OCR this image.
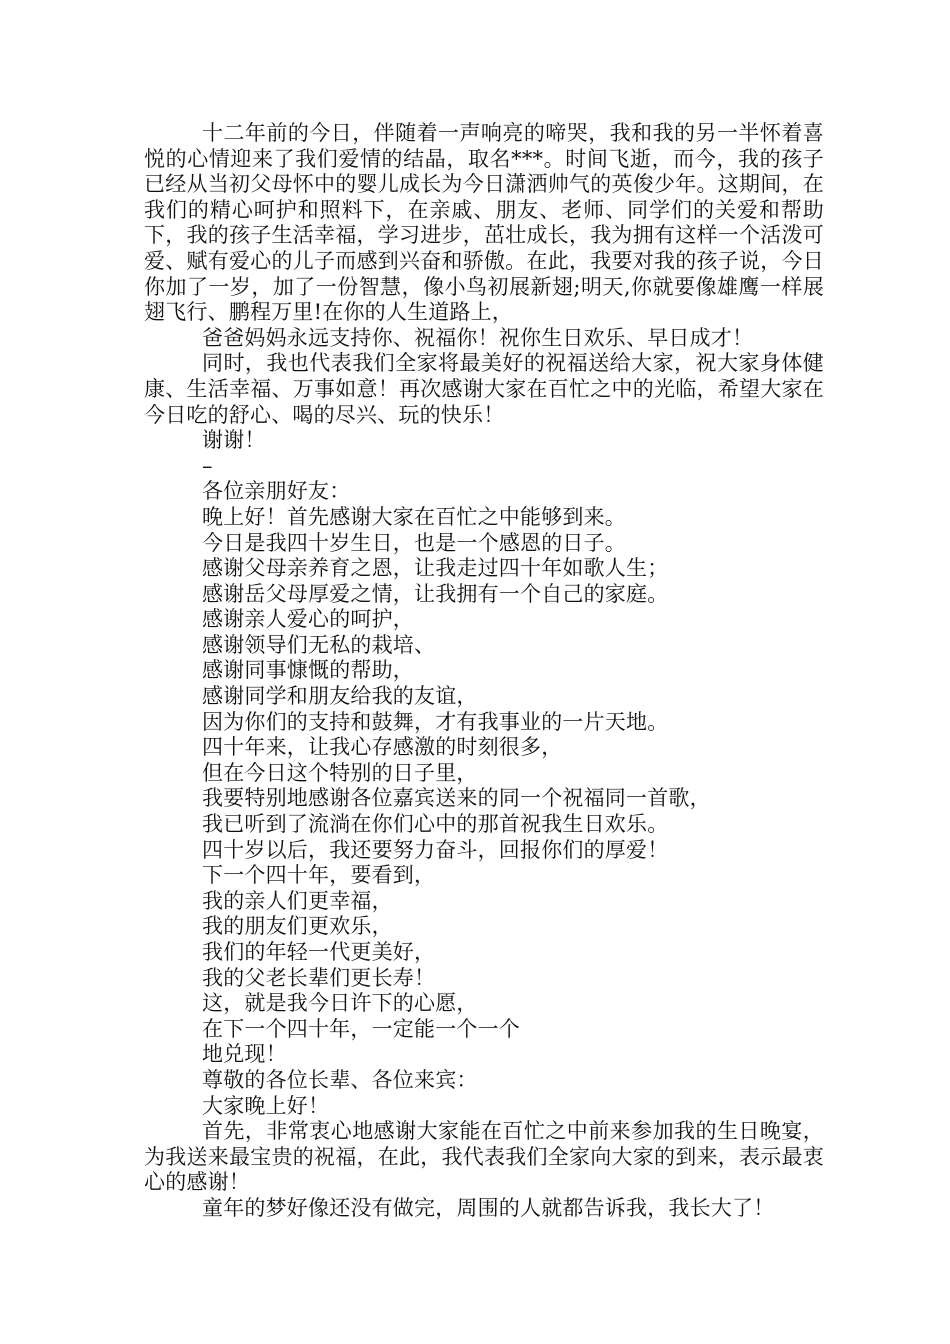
十二年前的今日，伴随着一声响亮的啼哭，我和我的另一半怀着喜悦的心情迎来了我们爱情的结晶，取名***。时间飞逝，而今，我的孩子已经从当初父母怀中的婴儿成长为今日潇洒帅气的英俊少年。这期间，在我们的精心呵护和照料下，在亲戚、朋友、老师、同学们的关爱和帮助下，我的孩子生活幸福，学习进步，茁壮成长，我为拥有这样一个活泼可爱、赋有爱心的儿子而感到兴奋和骄傲。在此，我要对我的孩子说，今日你加了一岁，加了一份智慧，像小鸟初展新翅;明天,你就要像雄鹰一样展翅飞行、鹏程万里!在你的人生道路上，

爸爸妈妈永远支持你、祝福你！祝你生日欢乐、早日成才！

同时，我也代表我们全家将最美好的祝福送给大家，祝大家身体健康、生活幸福、万事如意！再次感谢大家在百忙之中的光临，希望大家在今日吃的舒心、喝的尽兴、玩的快乐！

谢谢！

–

各位亲朋好友：

晚上好！首先感谢大家在百忙之中能够到来。

今日是我四十岁生日，也是一个感恩的日子。

感谢父母亲养育之恩，让我走过四十年如歌人生；

感谢岳父母厚爱之情，让我拥有一个自己的家庭。

感谢亲人爱心的呵护，

感谢领导们无私的栽培、

感谢同事慷慨的帮助，

感谢同学和朋友给我的友谊，

因为你们的支持和鼓舞，才有我事业的一片天地。

四十年来，让我心存感激的时刻很多，

但在今日这个特别的日子里，

我要特别地感谢各位嘉宾送来的同一个祝福同一首歌，

我已听到了流淌在你们心中的那首祝我生日欢乐。

四十岁以后，我还要努力奋斗，回报你们的厚爱！

下一个四十年，要看到，

我的亲人们更幸福，

我的朋友们更欢乐，

我们的年轻一代更美好，

我的父老长辈们更长寿！

这，就是我今日许下的心愿，

在下一个四十年，一定能一个一个

地兑现！

尊敬的各位长辈、各位来宾：

大家晚上好！

首先，非常衷心地感谢大家能在百忙之中前来参加我的生日晚宴，为我送来最宝贵的祝福，在此，我代表我们全家向大家的到来，表示最衷心的感谢！

童年的梦好像还没有做完，周围的人就都告诉我，我长大了！
